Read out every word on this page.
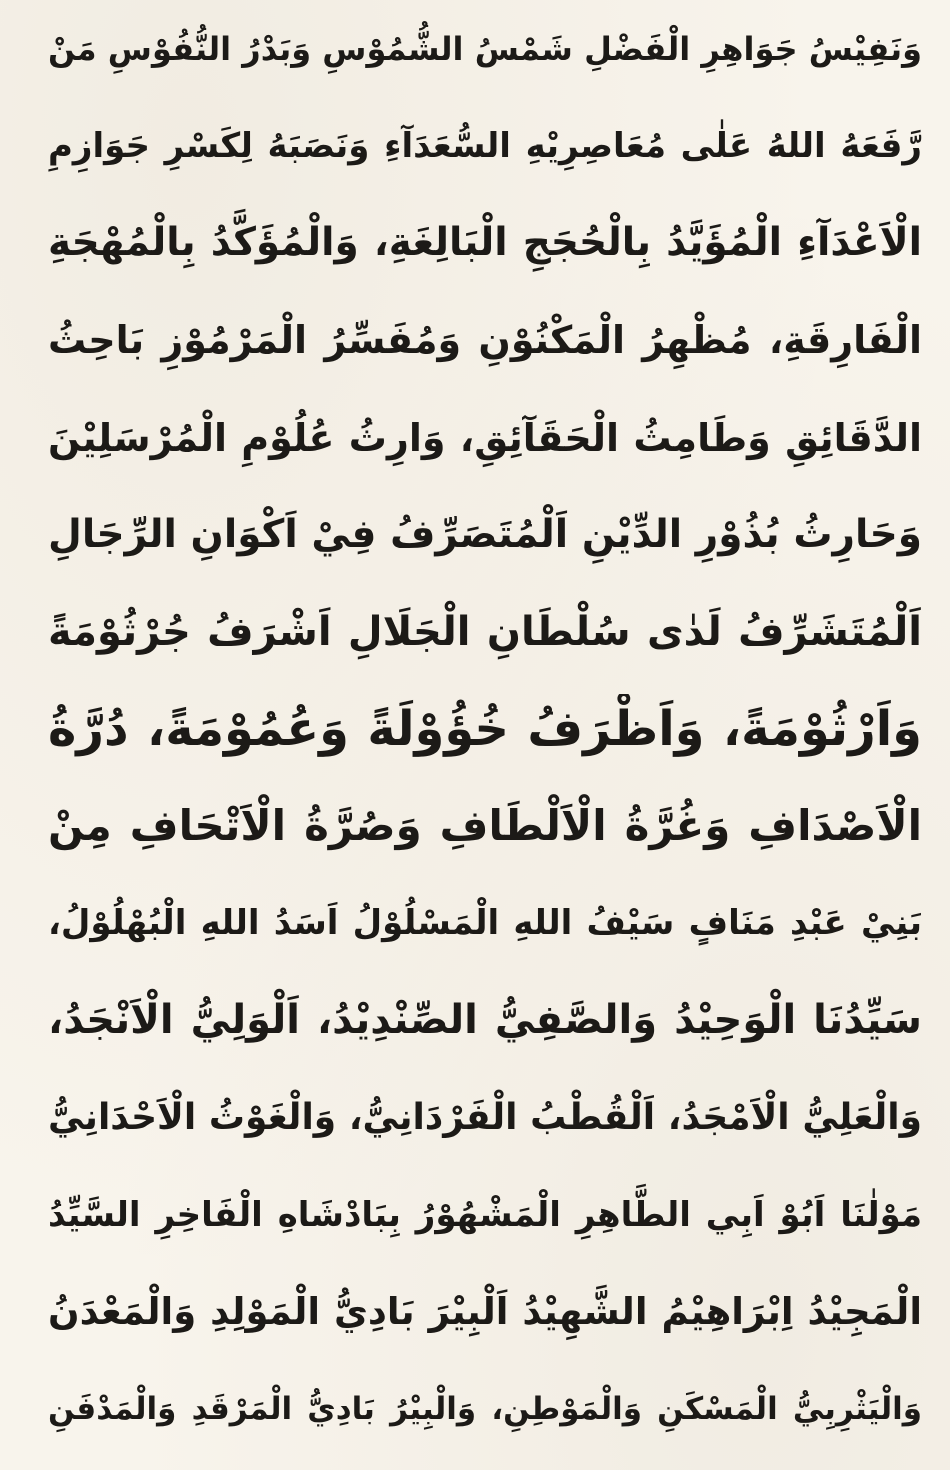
وَنَفِيْسُ جَوَاهِرِ الْفَضْلِ شَمْسُ الشُّمُوْسِ وَبَدْرُ النُّفُوْسِ مَنْ
رَّفَعَهُ اللهُ عَلٰى مُعَاصِرِيْهِ السُّعَدَآءِ وَنَصَبَهُ لِكَسْرِ جَوَازِمِ
الْاَعْدَآءِ الْمُؤَيَّدُ بِالْحُجَجِ الْبَالِغَةِ، وَالْمُؤَكَّدُ بِالْمُهْجَةِ
الْفَارِقَةِ، مُظْهِرُ الْمَكْنُوْنِ وَمُفَسِّرُ الْمَرْمُوْزِ بَاحِثُ
الدَّقَائِقِ وَطَامِثُ الْحَقَآئِقِ، وَارِثُ عُلُوْمِ الْمُرْسَلِيْنَ
وَحَارِثُ بُذُوْرِ الدِّيْنِ اَلْمُتَصَرِّفُ فِيْ اَكْوَانِ الرِّجَالِ
اَلْمُتَشَرِّفُ لَدٰى سُلْطَانِ الْجَلَالِ اَشْرَفُ جُرْثُوْمَةً
وَاَرْثُوْمَةً، وَاَظْرَفُ خُؤُوْلَةً وَعُمُوْمَةً، دُرَّةُ
الْاَصْدَافِ وَغُرَّةُ الْاَلْطَافِ وَصُرَّةُ الْاَتْحَافِ مِنْ
بَنِيْ عَبْدِ مَنَافٍ سَيْفُ اللهِ الْمَسْلُوْلُ اَسَدُ اللهِ الْبُهْلُوْلُ،
سَيِّدُنَا الْوَحِيْدُ وَالصَّفِيُّ الصِّنْدِيْدُ، اَلْوَلِيُّ الْاَنْجَدُ،
وَالْعَلِيُّ الْاَمْجَدُ، اَلْقُطْبُ الْفَرْدَانِيُّ، وَالْغَوْثُ الْاَحْدَانِيُّ
مَوْلٰنَا اَبُوْ اَبِي الطَّاهِرِ الْمَشْهُوْرُ بِبَادْشَاهِ الْفَاخِرِ السَّيِّدُ
الْمَجِيْدُ اِبْرَاهِيْمُ الشَّهِيْدُ اَلْبِيْرَ بَادِيُّ الْمَوْلِدِ وَالْمَعْدَنُ
وَالْيَثْرِبِيُّ الْمَسْكَنِ وَالْمَوْطِنِ، وَالْبِيْرُ بَادِيُّ الْمَرْقَدِ وَالْمَدْفَنِ
